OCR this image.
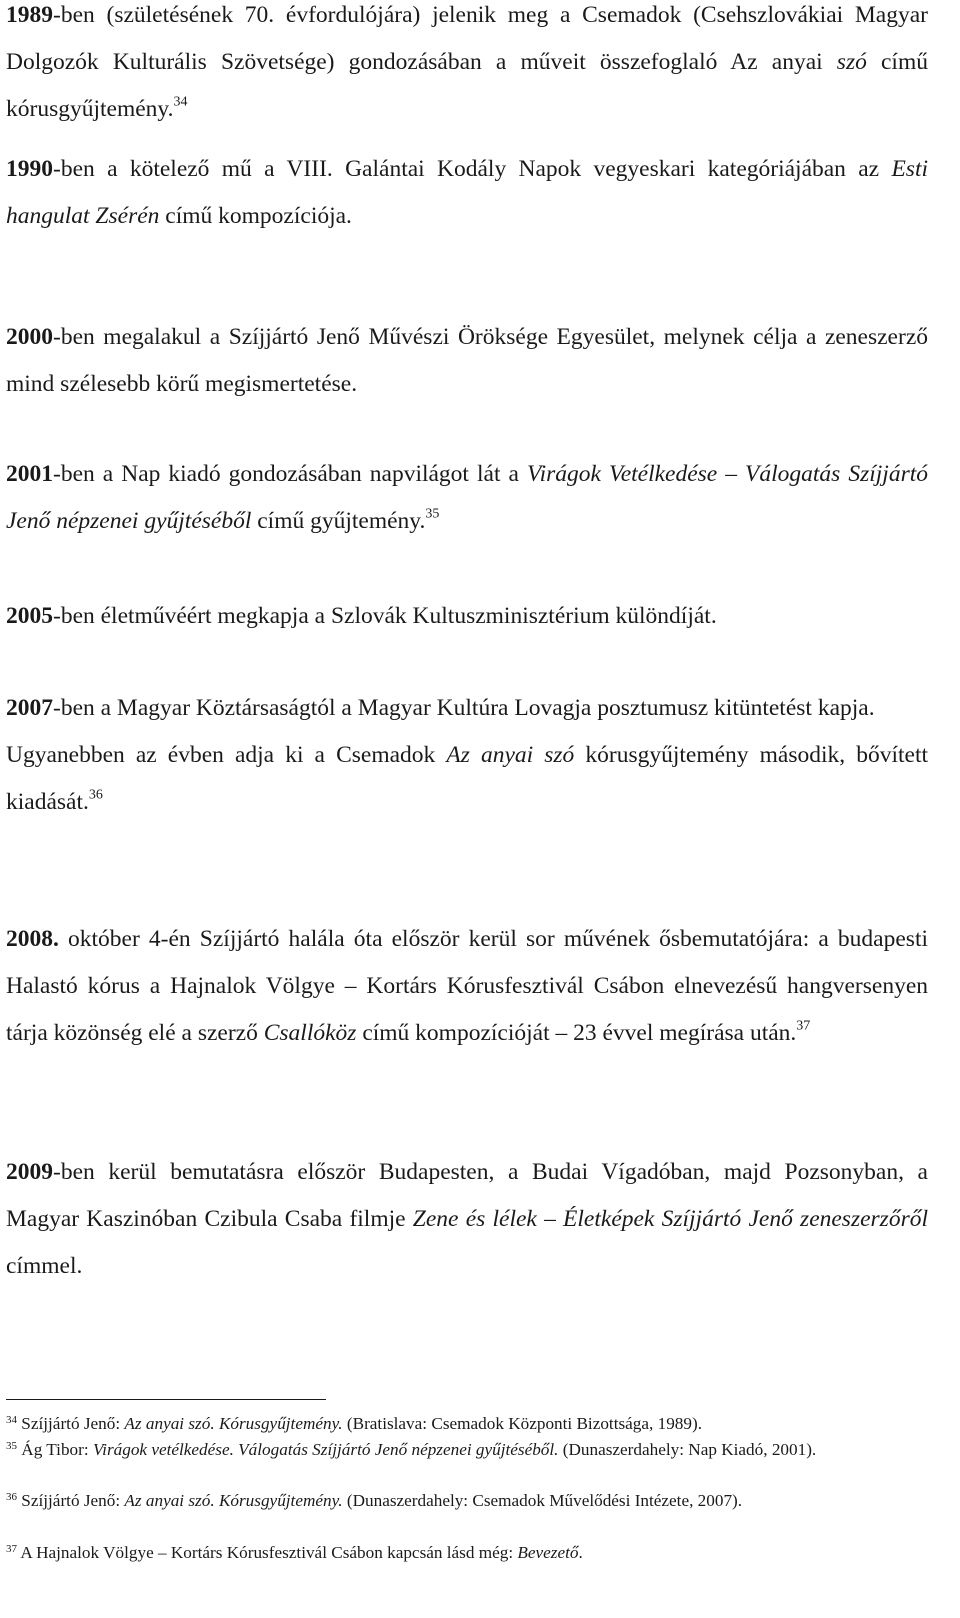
1989-ben (születésének 70. évfordulójára) jelenik meg a Csemadok (Csehszlovákiai Magyar Dolgozók Kulturális Szövetsége) gondozásában a műveit összefoglaló Az anyai szó című kórusgyűjtemény.$^{34}$

1990-ben a kötelező mű a VIII. Galántai Kodály Napok vegyeskari kategóriájában az Esti hangulat Zsérén című kompozíciója.

2000-ben megalakul a Szíjjártó Jenő Művészi Öröksége Egyesület, melynek célja a zeneszerző mind szélesebb körű megismertetése.

2001-ben a Nap kiadó gondozásában napvilágot lát a Virágok Vetélkedése – Válogatás Szíjjártó Jenő népzenei gyűjtéséből című gyűjtemény.$^{35}$

2005-ben életművéért megkapja a Szlovák Kultuszminisztérium különdíját.

2007-ben a Magyar Köztársaságtól a Magyar Kultúra Lovagja posztumusz kitüntetést kapja.
Ugyanebben az évben adja ki a Csemadok Az anyai szó kórusgyűjtemény második, bővített kiadását.$^{36}$

2008. október 4-én Szíjjártó halála óta először kerül sor művének ősbemutatójára: a budapesti Halastó kórus a Hajnalok Völgye – Kortárs Kórusfesztivál Csábon elnevezésű hangversenyen tárja közönség elé a szerző Csallóköz című kompozícióját – 23 évvel megírása után.$^{37}$

2009-ben kerül bemutatásra először Budapesten, a Budai Vígadóban, majd Pozsonyban, a Magyar Kaszinóban Czibula Csaba filmje Zene és lélek – Életképek Szíjjártó Jenő zeneszerzőről címmel.

$^{34}$ Szíjjártó Jenő: Az anyai szó. Kórusgyűjtemény. (Bratislava: Csemadok Központi Bizottsága, 1989).

$^{35}$ Ág Tibor: Virágok vetélkedése. Válogatás Szíjjártó Jenő népzenei gyűjtéséből. (Dunaszerdahely: Nap Kiadó, 2001).

$^{36}$ Szíjjártó Jenő: Az anyai szó. Kórusgyűjtemény. (Dunaszerdahely: Csemadok Művelődési Intézete, 2007).

$^{37}$ A Hajnalok Völgye – Kortárs Kórusfesztivál Csábon kapcsán lásd még: Bevezető.
